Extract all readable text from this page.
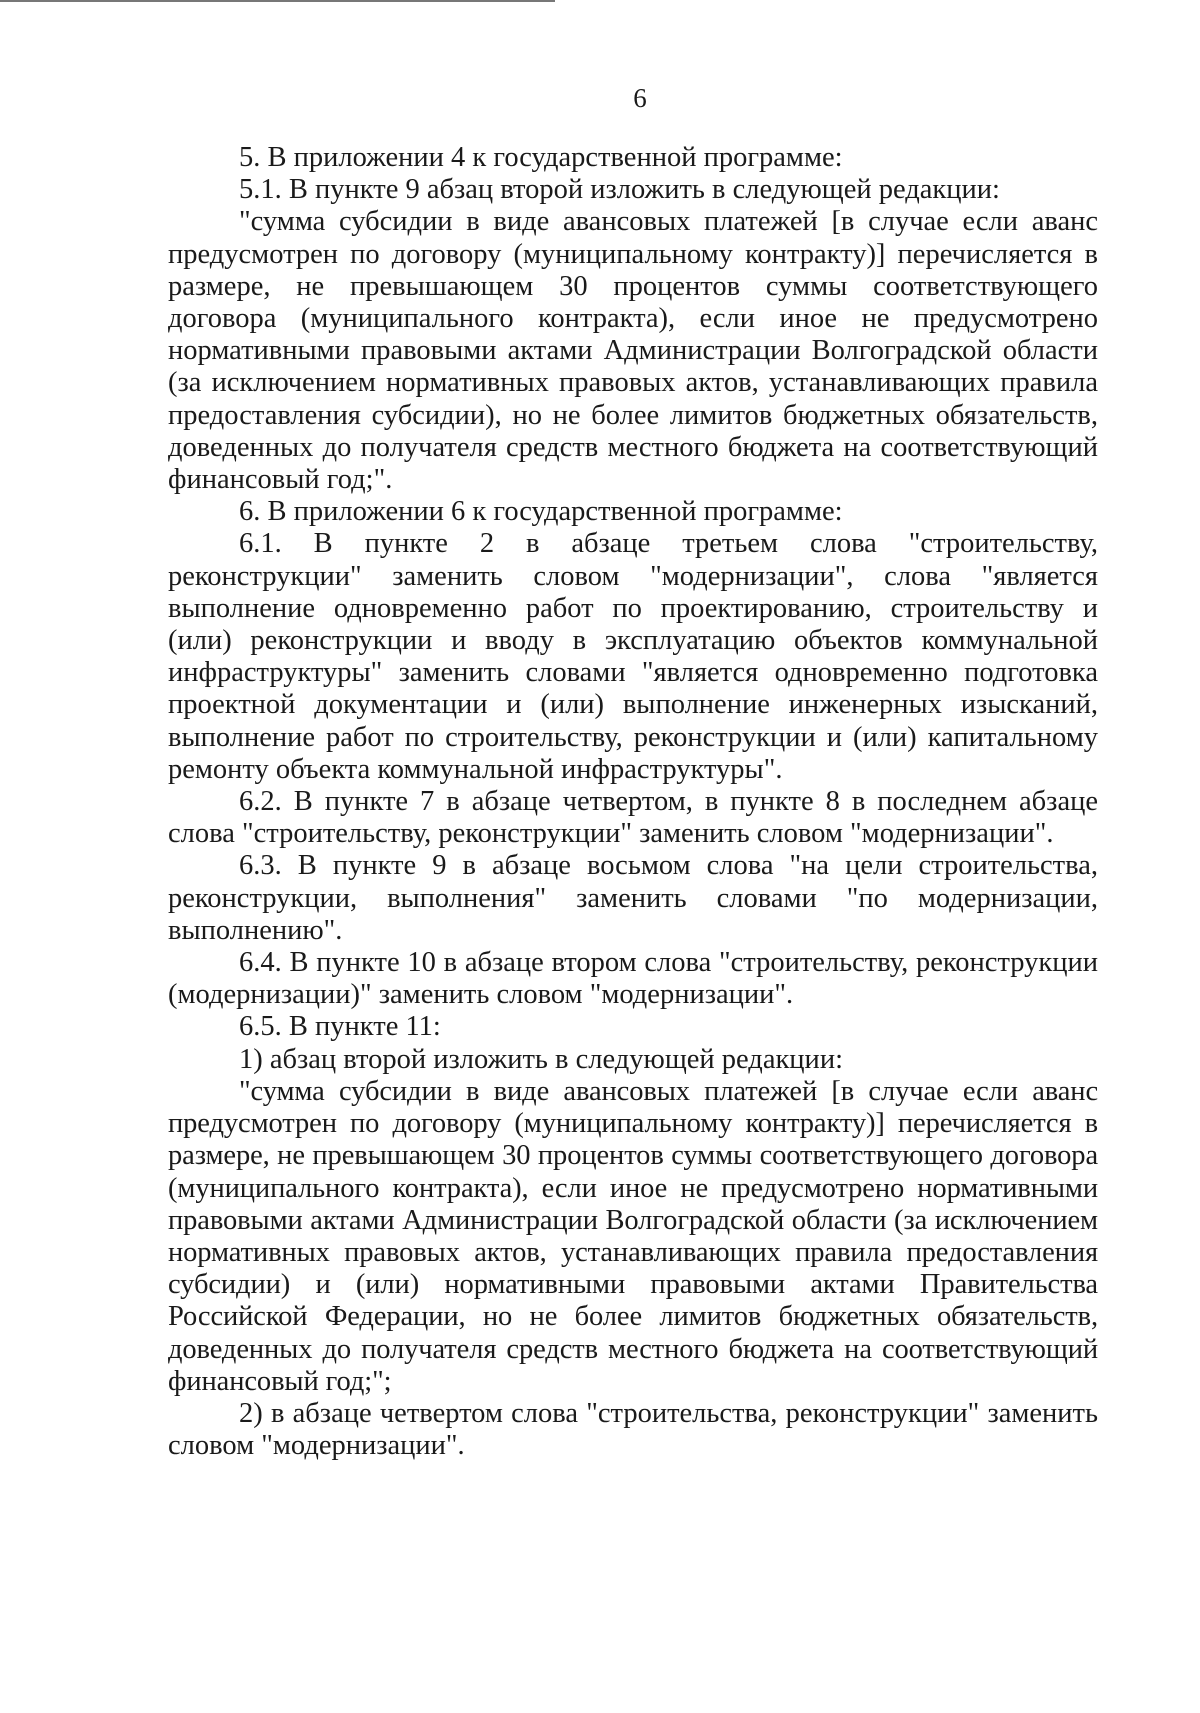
6

5. В приложении 4 к государственной программе:

5.1. В пункте 9 абзац второй изложить в следующей редакции:

"сумма субсидии в виде авансовых платежей [в случае если аванс предусмотрен по договору (муниципальному контракту)] перечисляется в размере, не превышающем 30 процентов суммы соответствующего договора (муниципального контракта), если иное не предусмотрено нормативными правовыми актами Администрации Волгоградской области (за исключением нормативных правовых актов, устанавливающих правила предоставления субсидии), но не более лимитов бюджетных обязательств, доведенных до получателя средств местного бюджета на соответствующий финансовый год;".

6. В приложении 6 к государственной программе:

6.1. В пункте 2 в абзаце третьем слова "строительству, реконструкции" заменить словом "модернизации", слова "является выполнение одновременно работ по проектированию, строительству и (или) реконструкции и вводу в эксплуатацию объектов коммунальной инфраструктуры" заменить словами "является одновременно подготовка проектной документации и (или) выполнение инженерных изысканий, выполнение работ по строительству, реконструкции и (или) капитальному ремонту объекта коммунальной инфраструктуры".

6.2. В пункте 7 в абзаце четвертом, в пункте 8 в последнем абзаце слова "строительству, реконструкции" заменить словом "модернизации".

6.3. В пункте 9 в абзаце восьмом слова "на цели строительства, реконструкции, выполнения" заменить словами "по модернизации, выполнению".

6.4. В пункте 10 в абзаце втором слова "строительству, реконструкции (модернизации)" заменить словом "модернизации".

6.5. В пункте 11:

1) абзац второй изложить в следующей редакции:

"сумма субсидии в виде авансовых платежей [в случае если аванс предусмотрен по договору (муниципальному контракту)] перечисляется в размере, не превышающем 30 процентов суммы соответствующего договора (муниципального контракта), если иное не предусмотрено нормативными правовыми актами Администрации Волгоградской области (за исключением нормативных правовых актов, устанавливающих правила предоставления субсидии) и (или) нормативными правовыми актами Правительства Российской Федерации, но не более лимитов бюджетных обязательств, доведенных до получателя средств местного бюджета на соответствующий финансовый год;";

2) в абзаце четвертом слова "строительства, реконструкции" заменить словом "модернизации".
